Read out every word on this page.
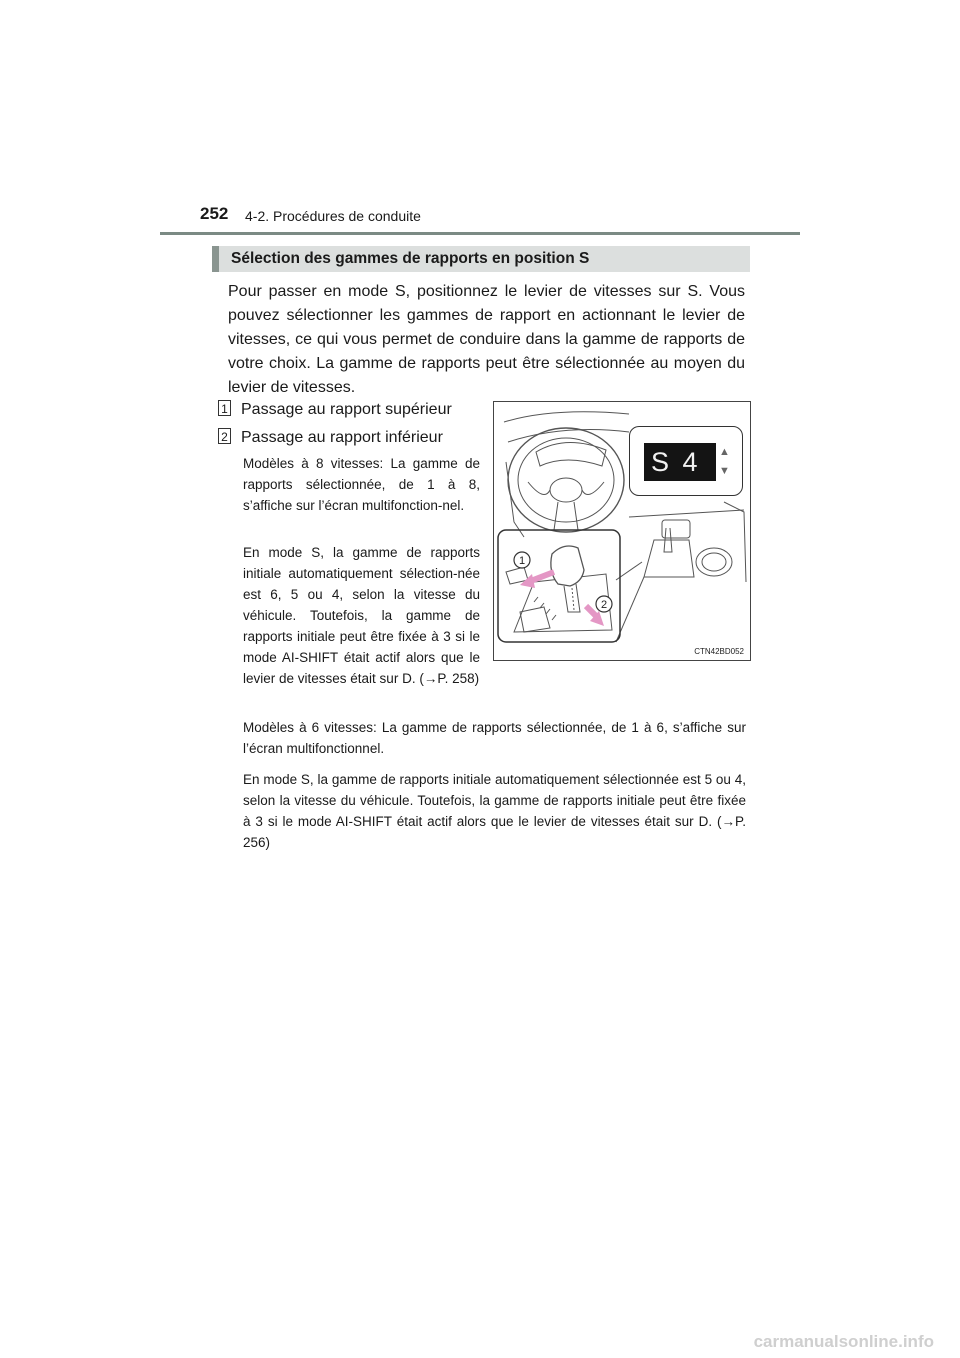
252 4-2. Procédures de conduite
Sélection des gammes de rapports en position S

Pour passer en mode S, positionnez le levier de vitesses sur S. Vous pouvez sélectionner les gammes de rapport en actionnant le levier de vitesses, ce qui vous permet de conduire dans la gamme de rapports de votre choix. La gamme de rapports peut être sélectionnée au moyen du levier de vitesses.

1 Passage au rapport supérieur
2 Passage au rapport inférieur

Modèles à 8 vitesses: La gamme de rapports sélectionnée, de 1 à 8, s’affiche sur l’écran multifonction-nel.

En mode S, la gamme de rapports initiale automatiquement sélection-née est 6, 5 ou 4, selon la vitesse du véhicule. Toutefois, la gamme de rapports initiale peut être fixée à 3 si le mode AI-SHIFT était actif alors que le levier de vitesses était sur D. (→P. 258)

Modèles à 6 vitesses: La gamme de rapports sélectionnée, de 1 à 6, s’affiche sur l’écran multifonctionnel.

En mode S, la gamme de rapports initiale automatiquement sélectionnée est 5 ou 4, selon la vitesse du véhicule. Toutefois, la gamme de rapports initiale peut être fixée à 3 si le mode AI-SHIFT était actif alors que le levier de vitesses était sur D. (→P. 256)

1
2
S 4	▲
▼
CTN42BD052
carmanualsonline.info
